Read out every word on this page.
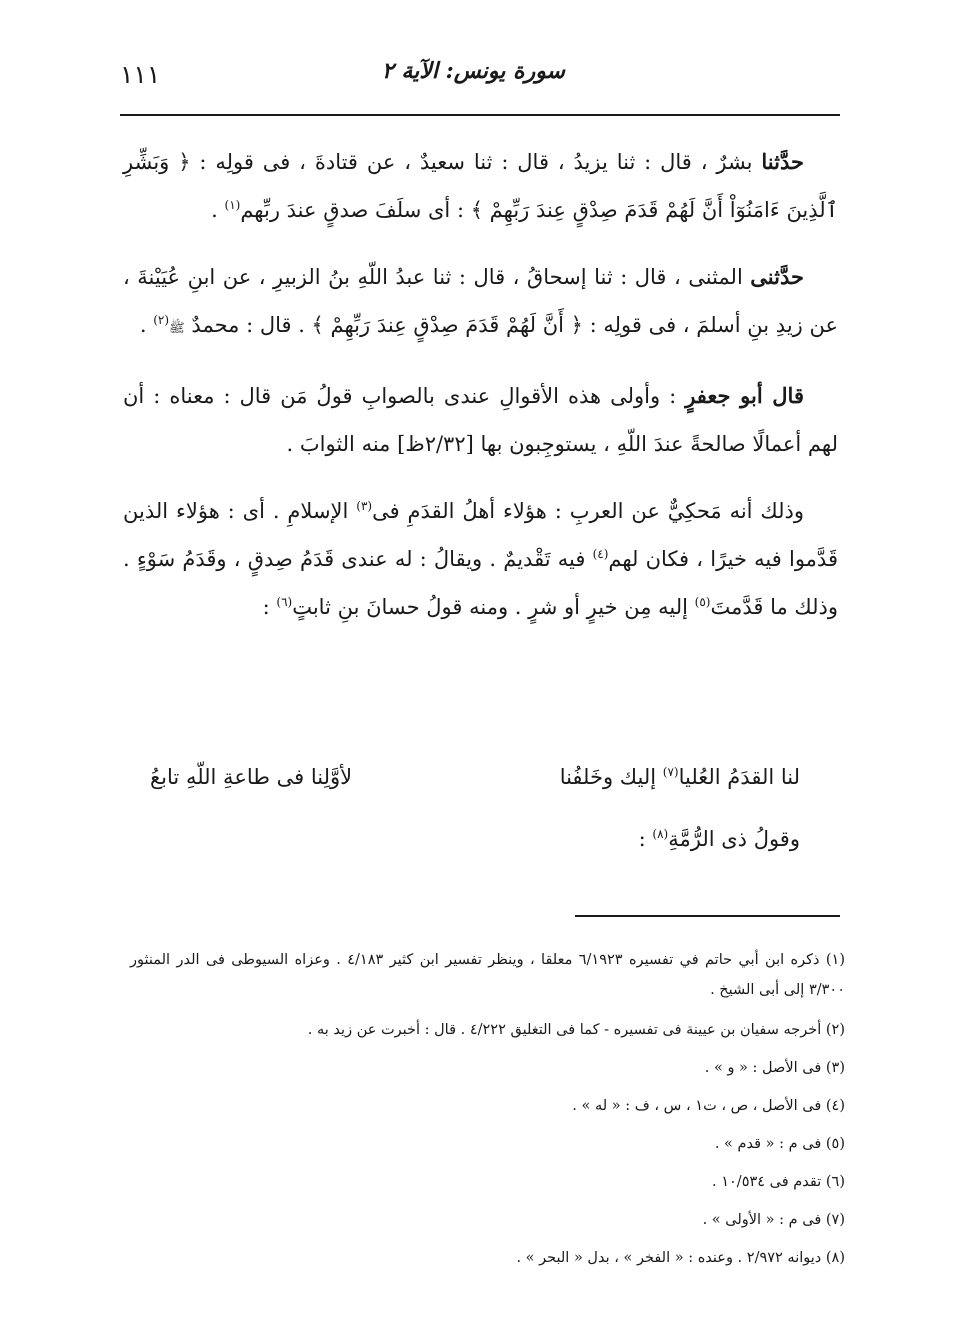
١١١	سورة يونس: الآية ٢

حدَّثنا بشرٌ ، قال : ثنا يزيدُ ، قال : ثنا سعيدٌ ، عن قتادةَ ، فى قولِه : ﴿ وَبَشِّرِ ٱلَّذِينَ ءَامَنُوٓاْ أَنَّ لَهُمْ قَدَمَ صِدْقٍ عِندَ رَبِّهِمْ ﴾ : أى سلَفَ صدقٍ عندَ ربِّهم$^{(١)}$ .

حدَّثنى المثنى ، قال : ثنا إسحاقُ ، قال : ثنا عبدُ اللّهِ بنُ الزبيرِ ، عن ابنِ عُيَيْنةَ ، عن زيدِ بنِ أسلمَ ، فى قولِه : ﴿ أَنَّ لَهُمْ قَدَمَ صِدْقٍ عِندَ رَبِّهِمْ ﴾ . قال : محمدٌ ﷺ$^{(٢)}$ .

قال أبو جعفرٍ : وأولى هذه الأقوالِ عندى بالصوابِ قولُ مَن قال : معناه : أن لهم أعمالًا صالحةً عندَ اللّهِ ، يستوجِبون بها [٢/٣٢ظ] منه الثوابَ .

وذلك أنه مَحكِيٌّ عن العربِ : هؤلاء أهلُ القدَمِ فى$^{(٣)}$ الإسلامِ . أى : هؤلاء الذين قَدَّموا فيه خيرًا ، فكان لهم$^{(٤)}$ فيه تَقْديمٌ . ويقالُ : له عندى قَدَمُ صِدقٍ ، وقَدَمُ سَوْءٍ . وذلك ما قَدَّمتَ$^{(٥)}$ إليه مِن خيرٍ أو شرٍ . ومنه قولُ حسانَ بنِ ثابتٍ$^{(٦)}$ :

لنا القدَمُ العُليا$^{(٧)}$ إليك وخَلفُنا
لأوَّلِنا فى طاعةِ اللّهِ تابعُ
وقولُ ذى الرُّمَّةِ$^{(٨)}$ :

(١) ذكره ابن أبي حاتم في تفسيره ٦/١٩٢٣ معلقا ، وينظر تفسير ابن كثير ٤/١٨٣ . وعزاه السيوطى فى الدر المنثور ٣/٣٠٠ إلى أبى الشيخ .

(٢) أخرجه سفيان بن عيينة فى تفسيره - كما فى التغليق ٤/٢٢٢ . قال : أخبرت عن زيد به .

(٣) فى الأصل : « و » .

(٤) فى الأصل ، ص ، ت١ ، س ، ف : « له » .

(٥) فى م : « قدم » .

(٦) تقدم فى ١٠/٥٣٤ .

(٧) فى م : « الأولى » .

(٨) ديوانه ٢/٩٧٢ . وعنده : « الفخر » ، بدل « البحر » .
